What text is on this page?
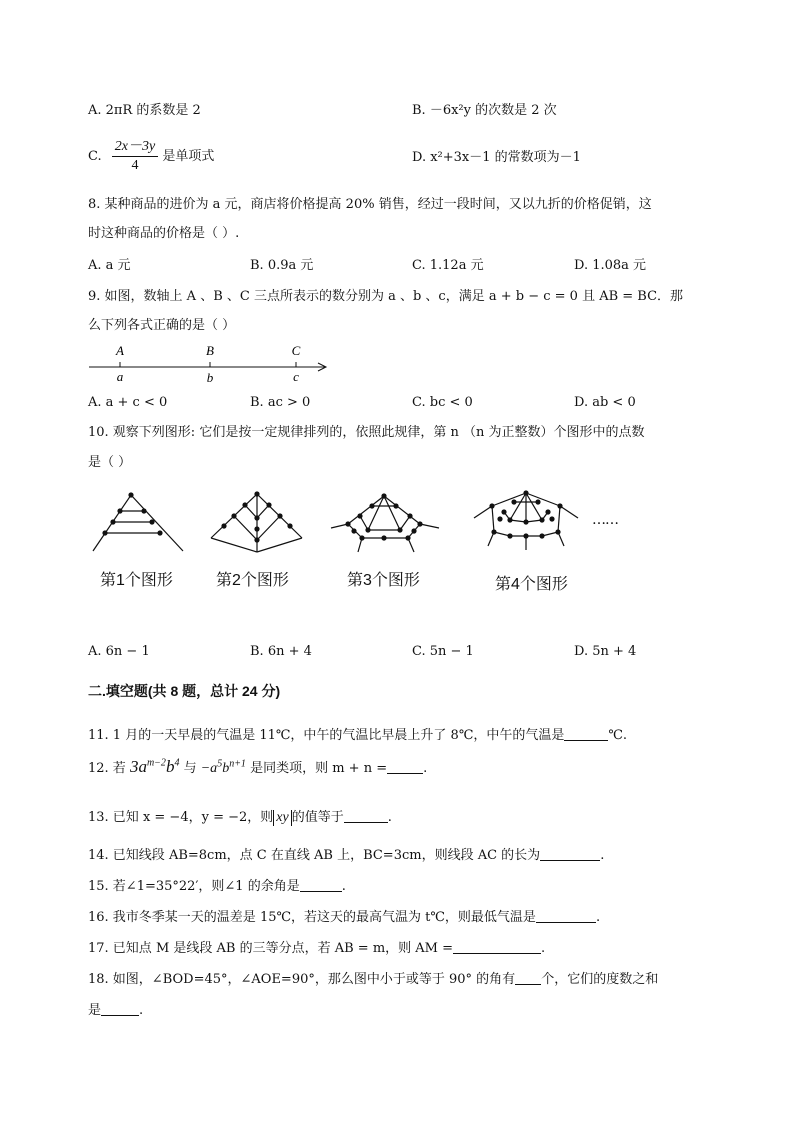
A. 2πR 的系数是 2	B. －6x²y 的次数是 2 次
C. $\frac{2x-3y}{4}$ 是单项式	D. x²+3x－1 的常数项为－1
8. 某种商品的进价为 a 元，商店将价格提高 20% 销售，经过一段时间，又以九折的价格促销，这
时这种商品的价格是（ ）.
A. a 元	B. 0.9a 元	C. 1.12a 元	D. 1.08a 元
9. 如图，数轴上 A 、B 、C 三点所表示的数分别为 a 、b 、c，满足 a + b − c = 0 且 AB = BC．那
么下列各式正确的是（ ）
A	B	C
a	b	c
A. a + c < 0	B. ac > 0	C. bc < 0	D. ab < 0
10. 观察下列图形: 它们是按一定规律排列的，依照此规律，第 n （n 为正整数）个图形中的点数
是（ ）
……
第1个图形	第2个图形	第3个图形	第4个图形
A. 6n − 1	B. 6n + 4	C. 5n − 1	D. 5n + 4
二.填空题(共 8 题，总计 24 分)
11. 1 月的一天早晨的气温是 11℃，中午的气温比早晨上升了 8℃，中午的气温是	℃.
12. 若 $3a^{m-2}b^4$ 与 $-a^5b^{n+1}$ 是同类项，则 m + n =	.
13. 已知 x = −4，y = −2，则 xy 的值等于	.
14. 已知线段 AB=8cm，点 C 在直线 AB 上，BC=3cm，则线段 AC 的长为	.
15. 若∠1=35°22′，则∠1 的余角是	.
16. 我市冬季某一天的温差是 15℃，若这天的最高气温为 t℃，则最低气温是	.
17. 已知点 M 是线段 AB 的三等分点，若 AB = m，则 AM =	.
18. 如图，∠BOD=45°，∠AOE=90°，那么图中小于或等于 90° 的角有 个，它们的度数之和
是	.
